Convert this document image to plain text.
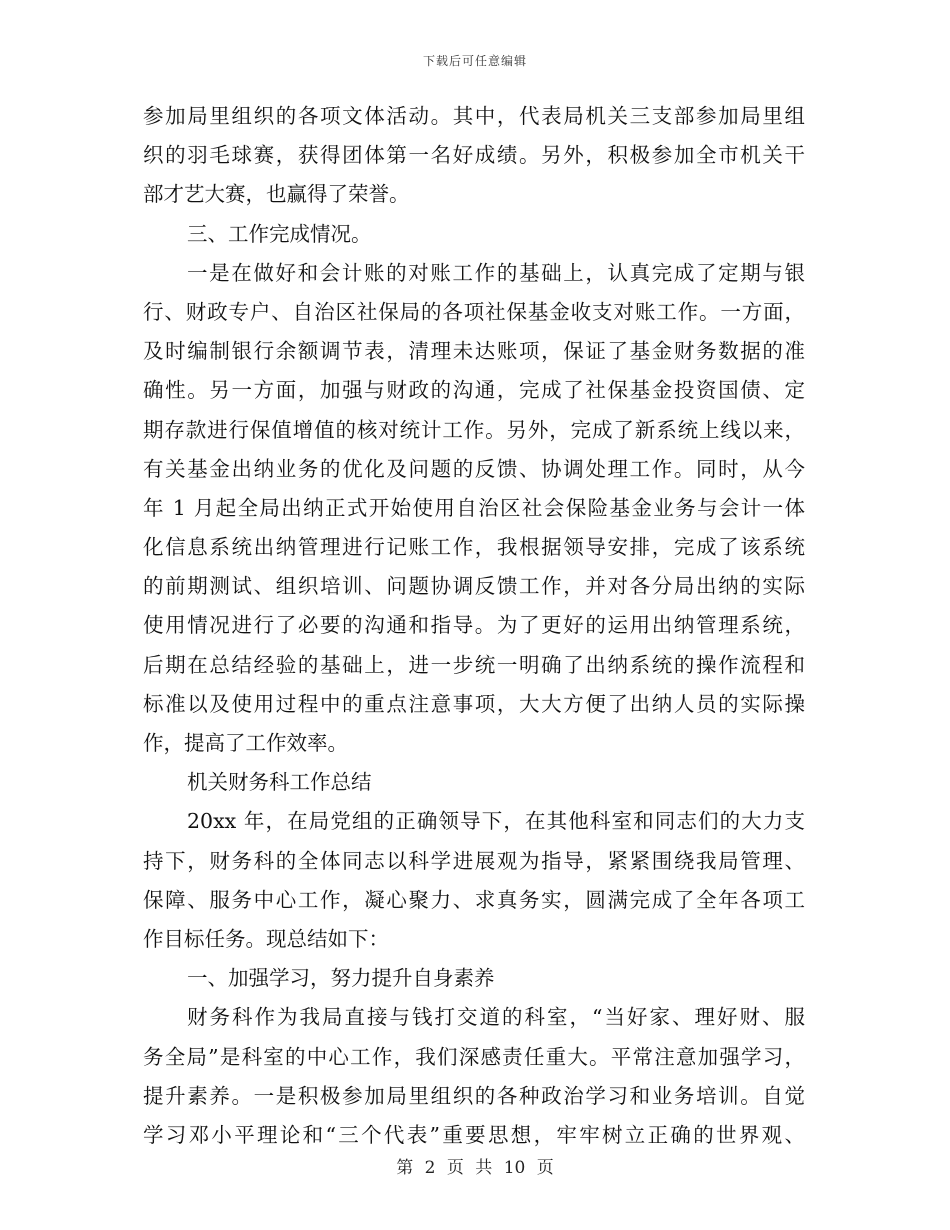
下载后可任意编辑
参加局里组织的各项文体活动。其中，代表局机关三支部参加局里组
织的羽毛球赛，获得团体第一名好成绩。另外，积极参加全市机关干
部才艺大赛，也赢得了荣誉。
三、工作完成情况。
一是在做好和会计账的对账工作的基础上，认真完成了定期与银
行、财政专户、自治区社保局的各项社保基金收支对账工作。一方面，
及时编制银行余额调节表，清理未达账项，保证了基金财务数据的准
确性。另一方面，加强与财政的沟通，完成了社保基金投资国债、定
期存款进行保值增值的核对统计工作。另外，完成了新系统上线以来，
有关基金出纳业务的优化及问题的反馈、协调处理工作。同时，从今
年 1 月起全局出纳正式开始使用自治区社会保险基金业务与会计一体
化信息系统出纳管理进行记账工作，我根据领导安排，完成了该系统
的前期测试、组织培训、问题协调反馈工作，并对各分局出纳的实际
使用情况进行了必要的沟通和指导。为了更好的运用出纳管理系统，
后期在总结经验的基础上，进一步统一明确了出纳系统的操作流程和
标准以及使用过程中的重点注意事项，大大方便了出纳人员的实际操
作，提高了工作效率。
机关财务科工作总结
20xx 年，在局党组的正确领导下，在其他科室和同志们的大力支
持下，财务科的全体同志以科学进展观为指导，紧紧围绕我局管理、
保障、服务中心工作，凝心聚力、求真务实，圆满完成了全年各项工
作目标任务。现总结如下：
一、加强学习，努力提升自身素养
财务科作为我局直接与钱打交道的科室，“当好家、理好财、服
务全局”是科室的中心工作，我们深感责任重大。平常注意加强学习，
提升素养。一是积极参加局里组织的各种政治学习和业务培训。自觉
学习邓小平理论和“三个代表”重要思想，牢牢树立正确的世界观、
第 2 页 共 10 页
